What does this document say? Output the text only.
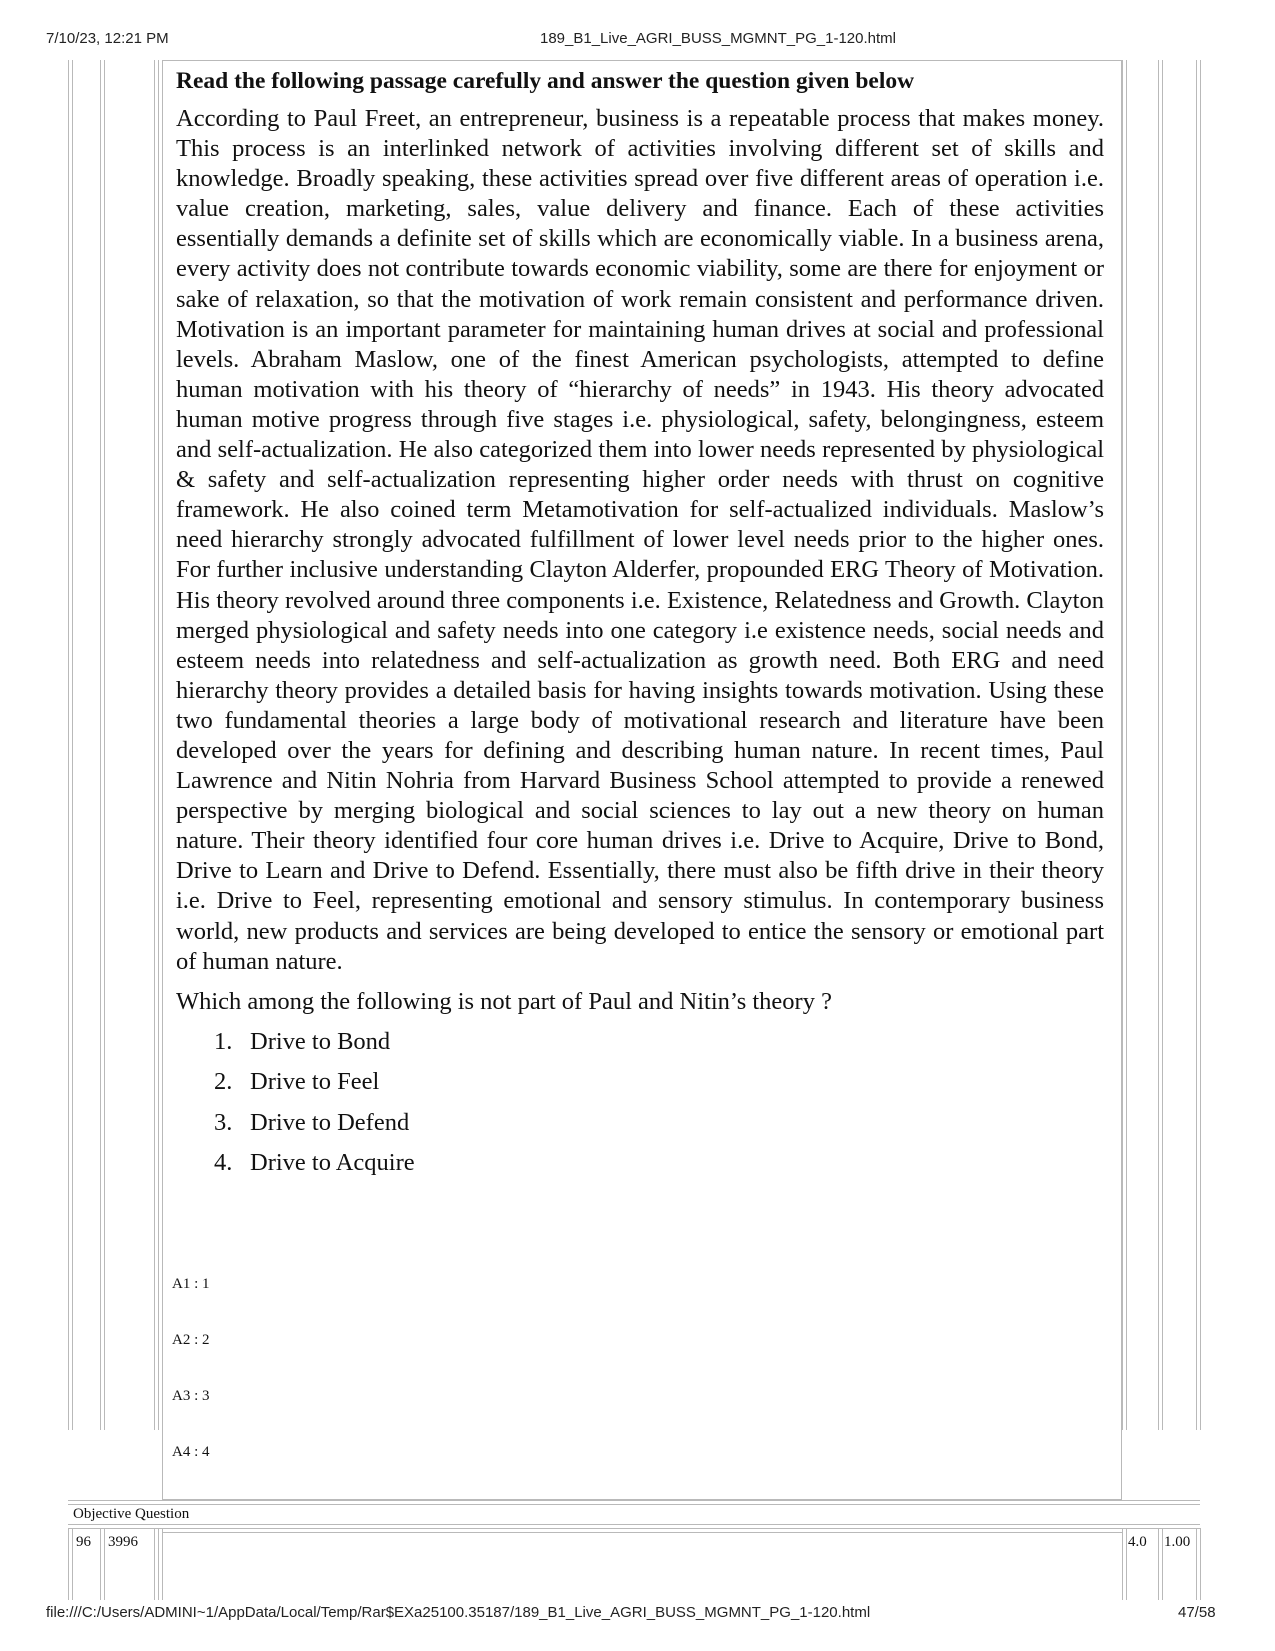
7/10/23, 12:21 PM	189_B1_Live_AGRI_BUSS_MGMNT_PG_1-120.html
Read the following passage carefully and answer the question given below

According to Paul Freet, an entrepreneur, business is a repeatable process that makes money. This process is an interlinked network of activities involving different set of skills and knowledge. Broadly speaking, these activities spread over five different areas of operation i.e. value creation, marketing, sales, value delivery and finance. Each of these activities essentially demands a definite set of skills which are economically viable. In a business arena, every activity does not contribute towards economic viability, some are there for enjoyment or sake of relaxation, so that the motivation of work remain consistent and performance driven. Motivation is an important parameter for maintaining human drives at social and professional levels. Abraham Maslow, one of the finest American psychologists, attempted to define human motivation with his theory of “hierarchy of needs” in 1943. His theory advocated human motive progress through five stages i.e. physiological, safety, belongingness, esteem and self-actualization. He also categorized them into lower needs represented by physiological & safety and self-actualization representing higher order needs with thrust on cognitive framework. He also coined term Metamotivation for self-actualized individuals. Maslow’s need hierarchy strongly advocated fulfillment of lower level needs prior to the higher ones. For further inclusive understanding Clayton Alderfer, propounded ERG Theory of Motivation. His theory revolved around three components i.e. Existence, Relatedness and Growth. Clayton merged physiological and safety needs into one category i.e existence needs, social needs and esteem needs into relatedness and self-actualization as growth need. Both ERG and need hierarchy theory provides a detailed basis for having insights towards motivation. Using these two fundamental theories a large body of motivational research and literature have been developed over the years for defining and describing human nature. In recent times, Paul Lawrence and Nitin Nohria from Harvard Business School attempted to provide a renewed perspective by merging biological and social sciences to lay out a new theory on human nature. Their theory identified four core human drives i.e. Drive to Acquire, Drive to Bond, Drive to Learn and Drive to Defend. Essentially, there must also be fifth drive in their theory i.e. Drive to Feel, representing emotional and sensory stimulus. In contemporary business world, new products and services are being developed to entice the sensory or emotional part of human nature.

Which among the following is not part of Paul and Nitin’s theory ?
1. Drive to Bond
2. Drive to Feel
3. Drive to Defend
4. Drive to Acquire
A1 : 1
A2 : 2
A3 : 3
A4 : 4
Objective Question
96 3996	4.0 1.00
file:///C:/Users/ADMINI~1/AppData/Local/Temp/Rar$EXa25100.35187/189_B1_Live_AGRI_BUSS_MGMNT_PG_1-120.html	47/58
